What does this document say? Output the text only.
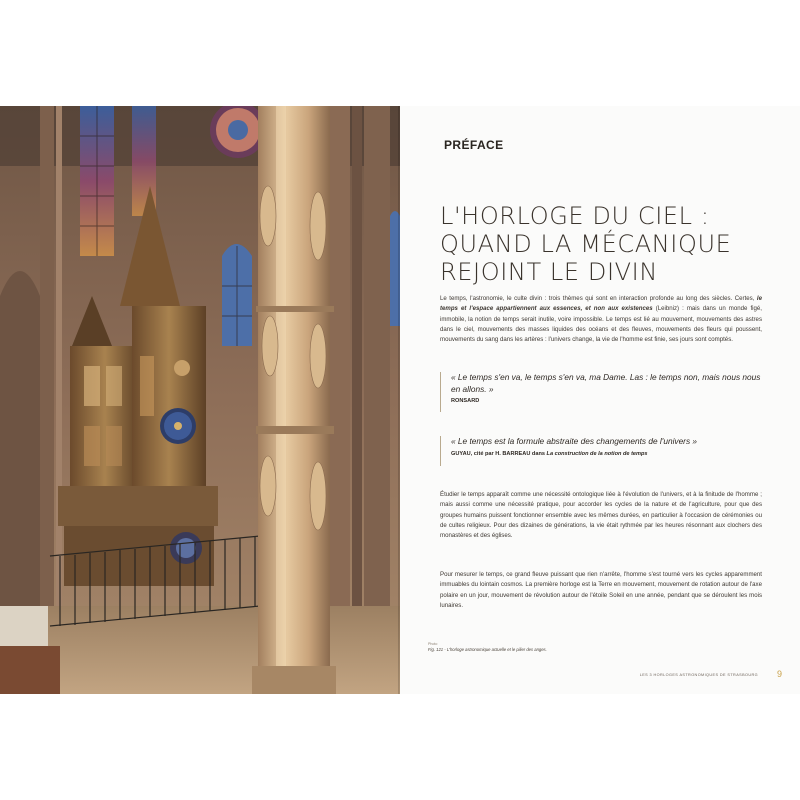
PRÉFACE
L'HORLOGE DU CIEL :
QUAND LA MÉCANIQUE
REJOINT LE DIVIN

Le temps, l'astronomie, le culte divin : trois thèmes qui sont en interaction profonde au long des siècles. Certes, le temps et l'espace appartiennent aux essences, et non aux existences (Leibniz) : mais dans un monde figé, immobile, la notion de temps serait inutile, voire impossible. Le temps est lié au mouvement, mouvements des astres dans le ciel, mouvements des masses liquides des océans et des fleuves, mouvements des fleurs qui poussent, mouvements du sang dans les artères : l'univers change, la vie de l'homme est finie, ses jours sont comptés.

« Le temps s'en va, le temps s'en va, ma Dame. Las : le temps non, mais nous nous en allons. »
RONSARD
« Le temps est la formule abstraite des changements de l'univers »
GUYAU, cité par H. BARREAU dans La construction de la notion de temps

Étudier le temps apparaît comme une nécessité ontologique liée à l'évolution de l'univers, et à la finitude de l'homme ; mais aussi comme une nécessité pratique, pour accorder les cycles de la nature et de l'agriculture, pour que des groupes humains puissent fonctionner ensemble avec les mêmes durées, en particulier à l'occasion de cérémonies ou de cultes religieux. Pour des dizaines de générations, la vie était rythmée par les heures résonnant aux clochers des monastères et des églises.

Pour mesurer le temps, ce grand fleuve puissant que rien n'arrête, l'homme s'est tourné vers les cycles apparemment immuables du lointain cosmos. La première horloge est la Terre en mouvement, mouvement de rotation autour de l'axe polaire en un jour, mouvement de révolution autour de l'étoile Soleil en une année, pendant que se déroulent les mois lunaires.

Photo
Fig. 121 - L'horloge astronomique actuelle et le pilier des anges.
LES 3 HORLOGES ASTRONOMIQUES DE STRASBOURG 9
